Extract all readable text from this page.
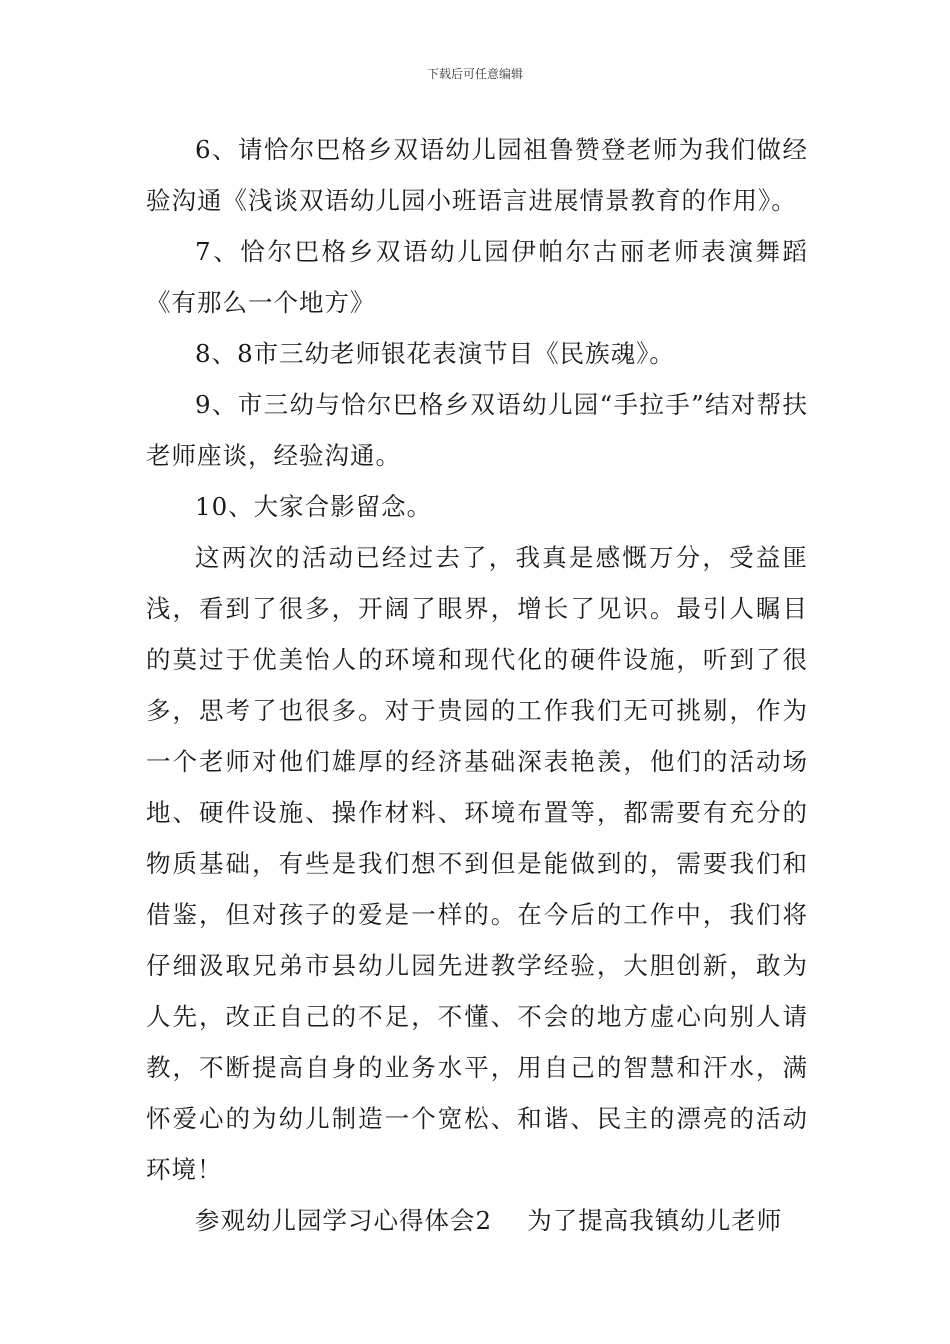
下载后可任意编辑

6、请恰尔巴格乡双语幼儿园祖鲁赞登老师为我们做经验沟通《浅谈双语幼儿园小班语言进展情景教育的作用》。

7、恰尔巴格乡双语幼儿园伊帕尔古丽老师表演舞蹈《有那么一个地方》

8、8市三幼老师银花表演节目《民族魂》。

9、市三幼与恰尔巴格乡双语幼儿园“手拉手”结对帮扶老师座谈，经验沟通。

10、大家合影留念。

这两次的活动已经过去了，我真是感慨万分，受益匪浅，看到了很多，开阔了眼界，增长了见识。最引人瞩目的莫过于优美怡人的环境和现代化的硬件设施，听到了很多，思考了也很多。对于贵园的工作我们无可挑剔，作为一个老师对他们雄厚的经济基础深表艳羡，他们的活动场地、硬件设施、操作材料、环境布置等，都需要有充分的物质基础，有些是我们想不到但是能做到的，需要我们和借鉴，但对孩子的爱是一样的。在今后的工作中，我们将仔细汲取兄弟市县幼儿园先进教学经验，大胆创新，敢为人先，改正自己的不足，不懂、不会的地方虚心向别人请教，不断提高自身的业务水平，用自己的智慧和汗水，满怀爱心的为幼儿制造一个宽松、和谐、民主的漂亮的活动环境！

参观幼儿园学习心得体会2 为了提高我镇幼儿老师
